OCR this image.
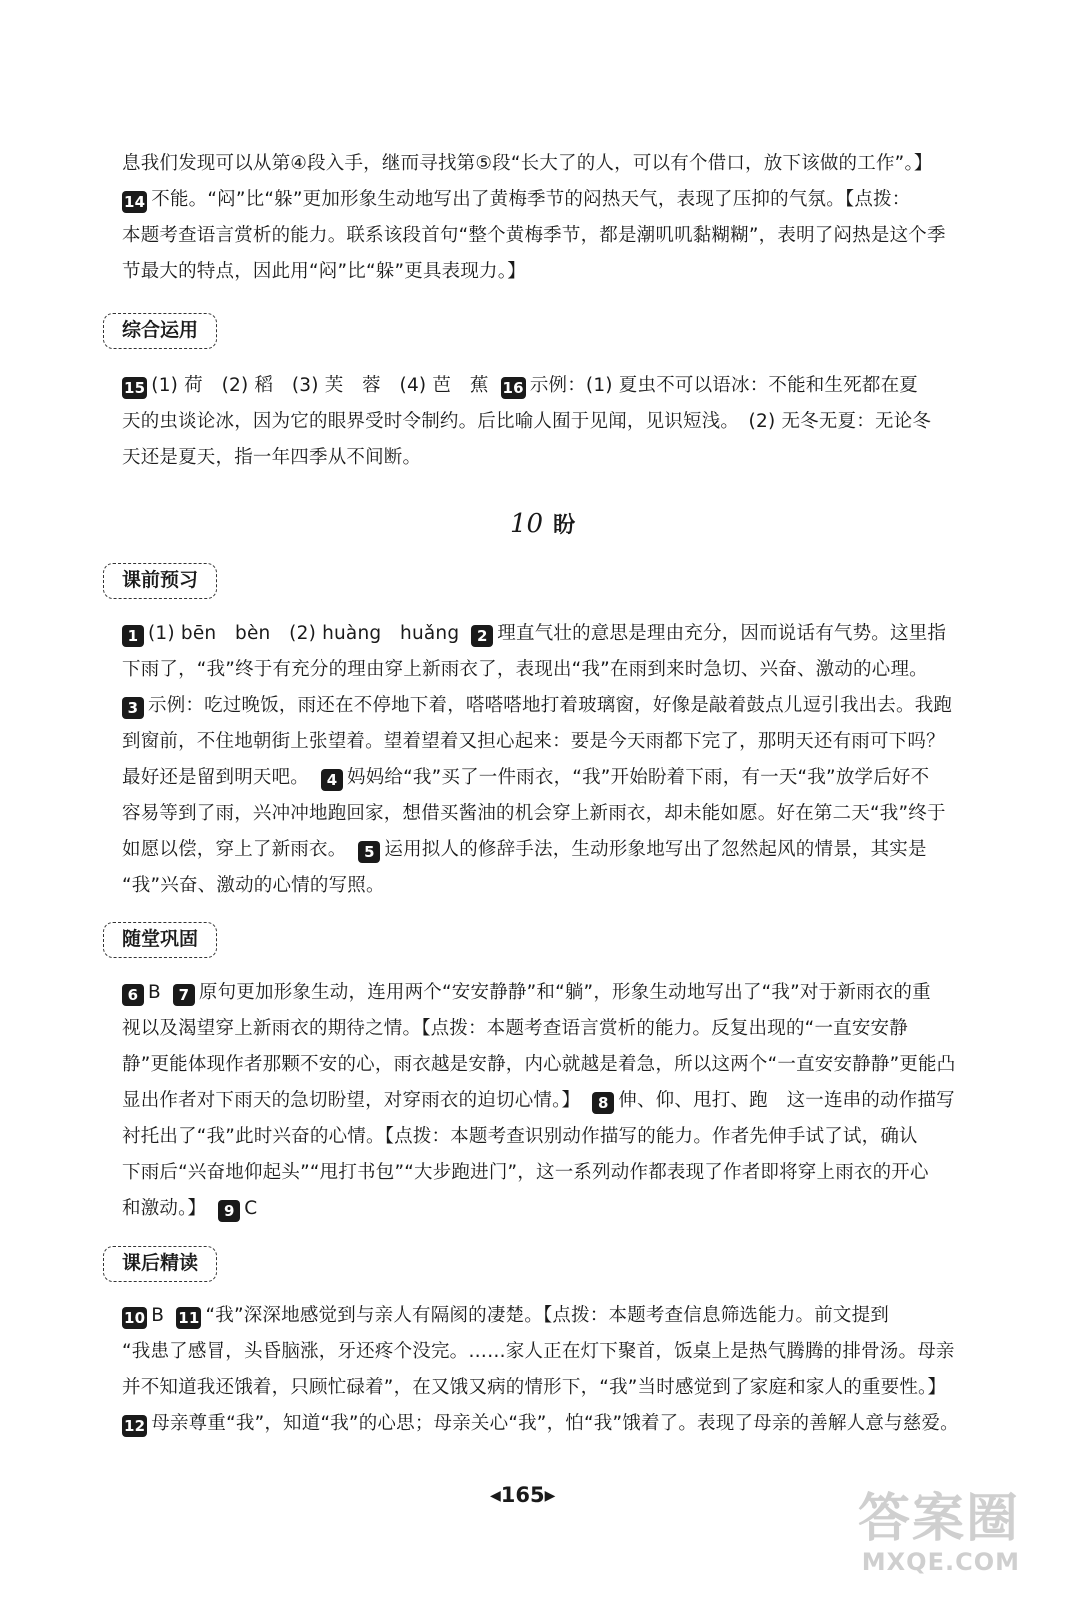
息我们发现可以从第④段入手，继而寻找第⑤段“长大了的人，可以有个借口，放下该做的工作”。】
14 不能。“闷”比“躲”更加形象生动地写出了黄梅季节的闷热天气，表现了压抑的气氛。【点拨：
本题考查语言赏析的能力。联系该段首句“整个黄梅季节，都是潮叽叽黏糊糊”，表明了闷热是这个季
节最大的特点，因此用“闷”比“躲”更具表现力。】
综合运用
15 (1) 荷　(2) 稻　(3) 芙　蓉　(4) 芭　蕉 16 示例：(1) 夏虫不可以语冰：不能和生死都在夏
天的虫谈论冰，因为它的眼界受时令制约。后比喻人囿于见闻，见识短浅。　(2) 无冬无夏：无论冬
天还是夏天，指一年四季从不间断。
10 盼
课前预习
1 (1) bēn　bèn　(2) huàng　huǎng 2 理直气壮的意思是理由充分，因而说话有气势。这里指
下雨了，“我”终于有充分的理由穿上新雨衣了，表现出“我”在雨到来时急切、兴奋、激动的心理。
3 示例：吃过晚饭，雨还在不停地下着，嗒嗒嗒地打着玻璃窗，好像是敲着鼓点儿逗引我出去。我跑
到窗前，不住地朝街上张望着。望着望着又担心起来：要是今天雨都下完了，那明天还有雨可下吗？
最好还是留到明天吧。 4 妈妈给“我”买了一件雨衣，“我”开始盼着下雨，有一天“我”放学后好不
容易等到了雨，兴冲冲地跑回家，想借买酱油的机会穿上新雨衣，却未能如愿。好在第二天“我”终于
如愿以偿，穿上了新雨衣。 5 运用拟人的修辞手法，生动形象地写出了忽然起风的情景，其实是
“我”兴奋、激动的心情的写照。
随堂巩固
6 B 7 原句更加形象生动，连用两个“安安静静”和“躺”，形象生动地写出了“我”对于新雨衣的重
视以及渴望穿上新雨衣的期待之情。【点拨：本题考查语言赏析的能力。反复出现的“一直安安静
静”更能体现作者那颗不安的心，雨衣越是安静，内心就越是着急，所以这两个“一直安安静静”更能凸
显出作者对下雨天的急切盼望，对穿雨衣的迫切心情。】 8 伸、仰、甩打、跑　这一连串的动作描写
衬托出了“我”此时兴奋的心情。【点拨：本题考查识别动作描写的能力。作者先伸手试了试，确认
下雨后“兴奋地仰起头”“甩打书包”“大步跑进门”，这一系列动作都表现了作者即将穿上雨衣的开心
和激动。】 9 C
课后精读
10 B 11 “我”深深地感觉到与亲人有隔阂的凄楚。【点拨：本题考查信息筛选能力。前文提到
“我患了感冒，头昏脑涨，牙还疼个没完。……家人正在灯下聚首，饭桌上是热气腾腾的排骨汤。母亲
并不知道我还饿着，只顾忙碌着”，在又饿又病的情形下，“我”当时感觉到了家庭和家人的重要性。】
12 母亲尊重“我”，知道“我”的心思；母亲关心“我”，怕“我”饿着了。表现了母亲的善解人意与慈爱。
◀165▶	答案圈
MXQE.COM
